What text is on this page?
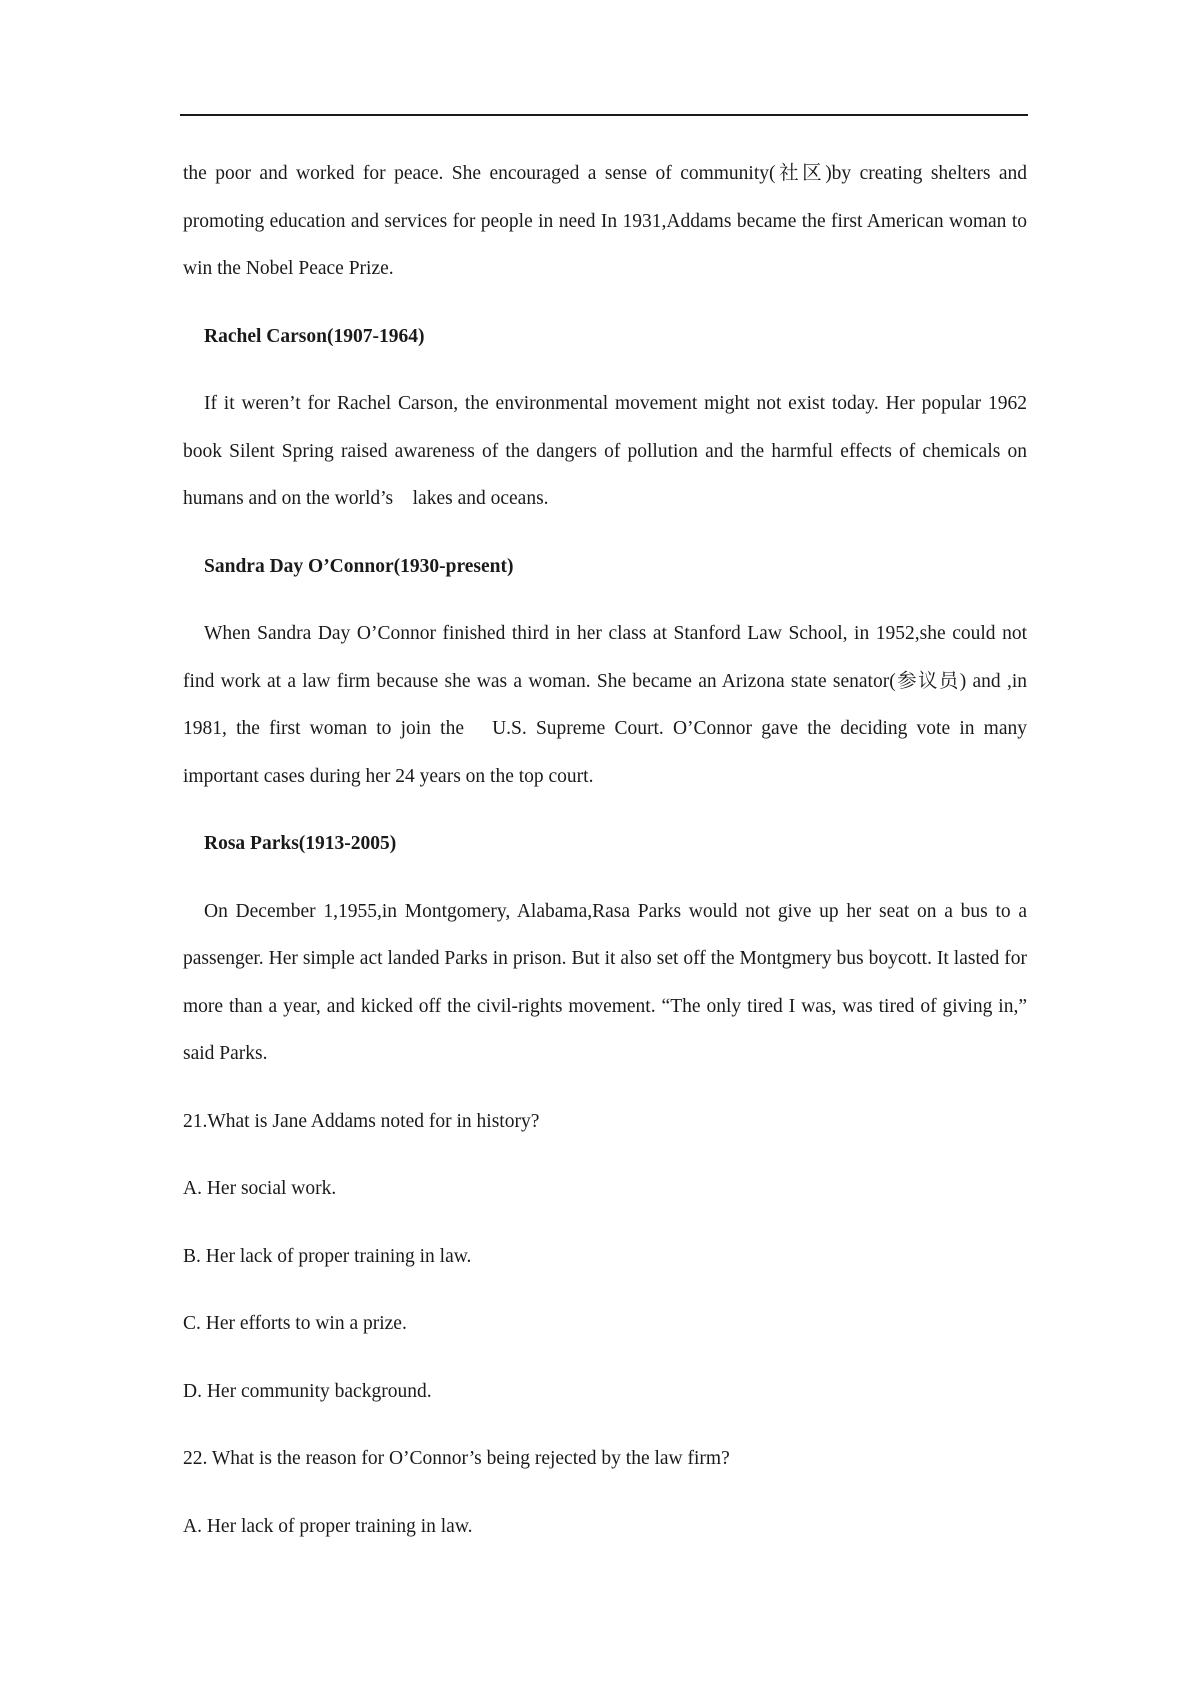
the poor and worked for peace. She encouraged a sense of community(社区)by creating shelters and promoting education and services for people in need In 1931,Addams became the first American woman to win the Nobel Peace Prize.

Rachel Carson(1907-1964)

If it weren’t for Rachel Carson, the environmental movement might not exist today. Her popular 1962 book Silent Spring raised awareness of the dangers of pollution and the harmful effects of chemicals on humans and on the world’s　lakes and oceans.

Sandra Day O’Connor(1930-present)

When Sandra Day O’Connor finished third in her class at Stanford Law School, in 1952,she could not find work at a law firm because she was a woman. She became an Arizona state senator(参议员) and ,in 1981, the first woman to join the　U.S. Supreme Court. O’Connor gave the deciding vote in many important cases during her 24 years on the top court.

Rosa Parks(1913-2005)

On December 1,1955,in Montgomery, Alabama,Rasa Parks would not give up her seat on a bus to a passenger. Her simple act landed Parks in prison. But it also set off the Montgmery bus boycott. It lasted for more than a year, and kicked off the civil-rights movement. “The only tired I was, was tired of giving in,” said Parks.

21.What is Jane Addams noted for in history?

A. Her social work.

B. Her lack of proper training in law.

C. Her efforts to win a prize.

D. Her community background.

22. What is the reason for O’Connor’s being rejected by the law firm?

A. Her lack of proper training in law.
